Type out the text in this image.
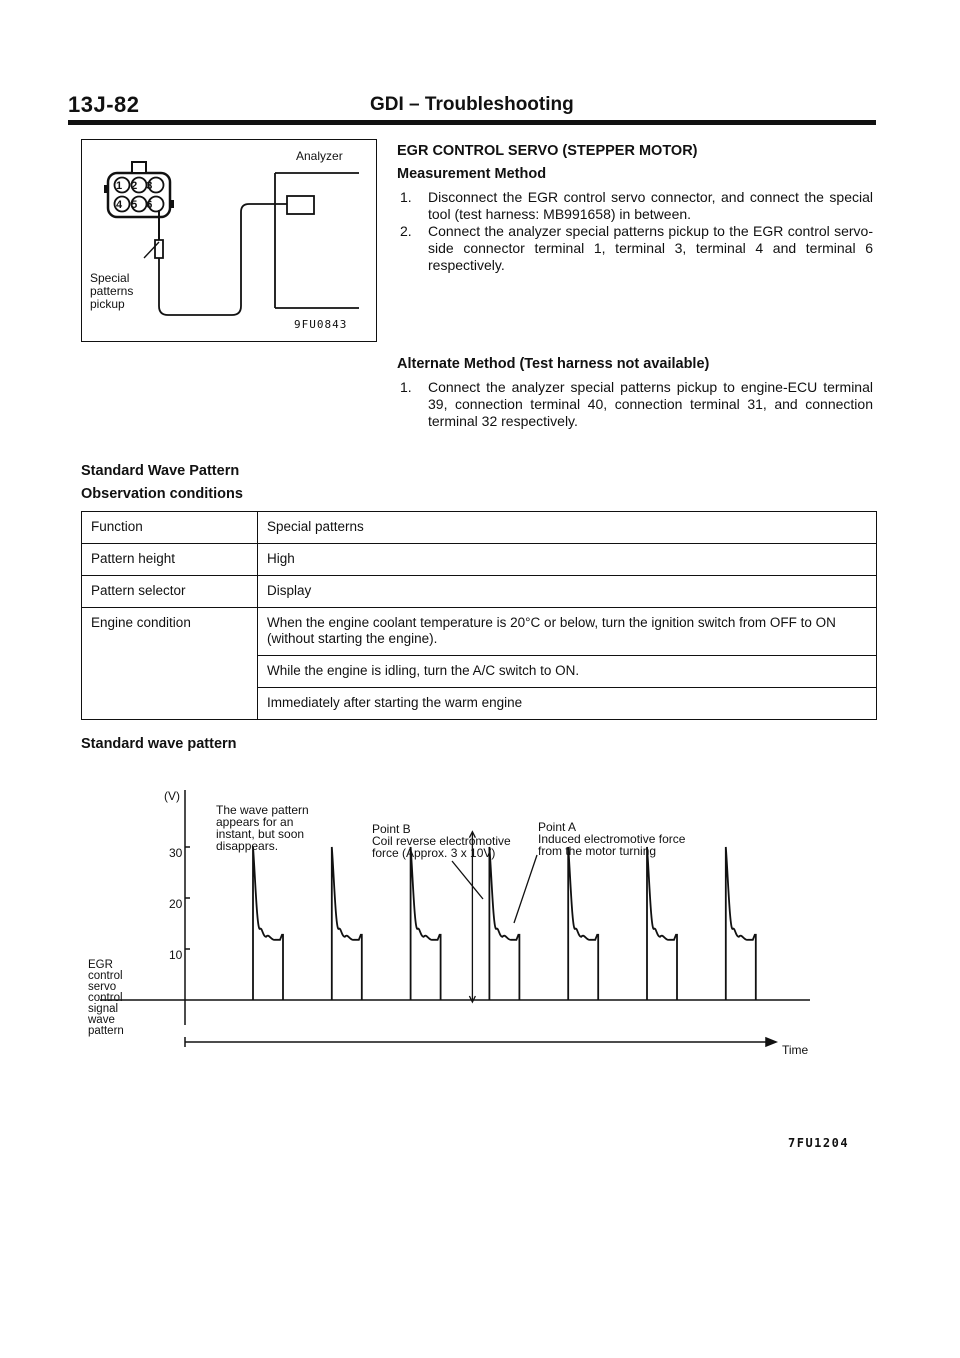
13J-82	GDI – Troubleshooting
123
456
Analyzer
Special
patterns
pickup
9FU0843
EGR CONTROL SERVO (STEPPER MOTOR)
Measurement Method
1. Disconnect the EGR control servo connector, and connect the special tool (test harness: MB991658) in between.
2. Connect the analyzer special patterns pickup to the EGR control servo-side connector terminal 1, terminal 3, terminal 4 and terminal 6 respectively.
Alternate Method (Test harness not available)
1. Connect the analyzer special patterns pickup to engine-ECU terminal 39, connection terminal 40, connection terminal 31, and connection terminal 32 respectively.
Standard Wave Pattern
Observation conditions
Function	Special patterns
Pattern height	High
Pattern selector	Display
Engine condition	When the engine coolant temperature is 20°C or below, turn the ignition switch from OFF to ON (without starting the engine).
	While the engine is idling, turn the A/C switch to ON.
	Immediately after starting the warm engine
Standard wave pattern
(V)
30
20
10
EGR
control
servo
control
signal
wave
pattern
The wave pattern
appears for an
instant, but soon
disappears.
Point B
Coil reverse electromotive
force (Approx. 3 x 10V)
Point A
Induced electromotive force
from the motor turning
Time
7FU1204
